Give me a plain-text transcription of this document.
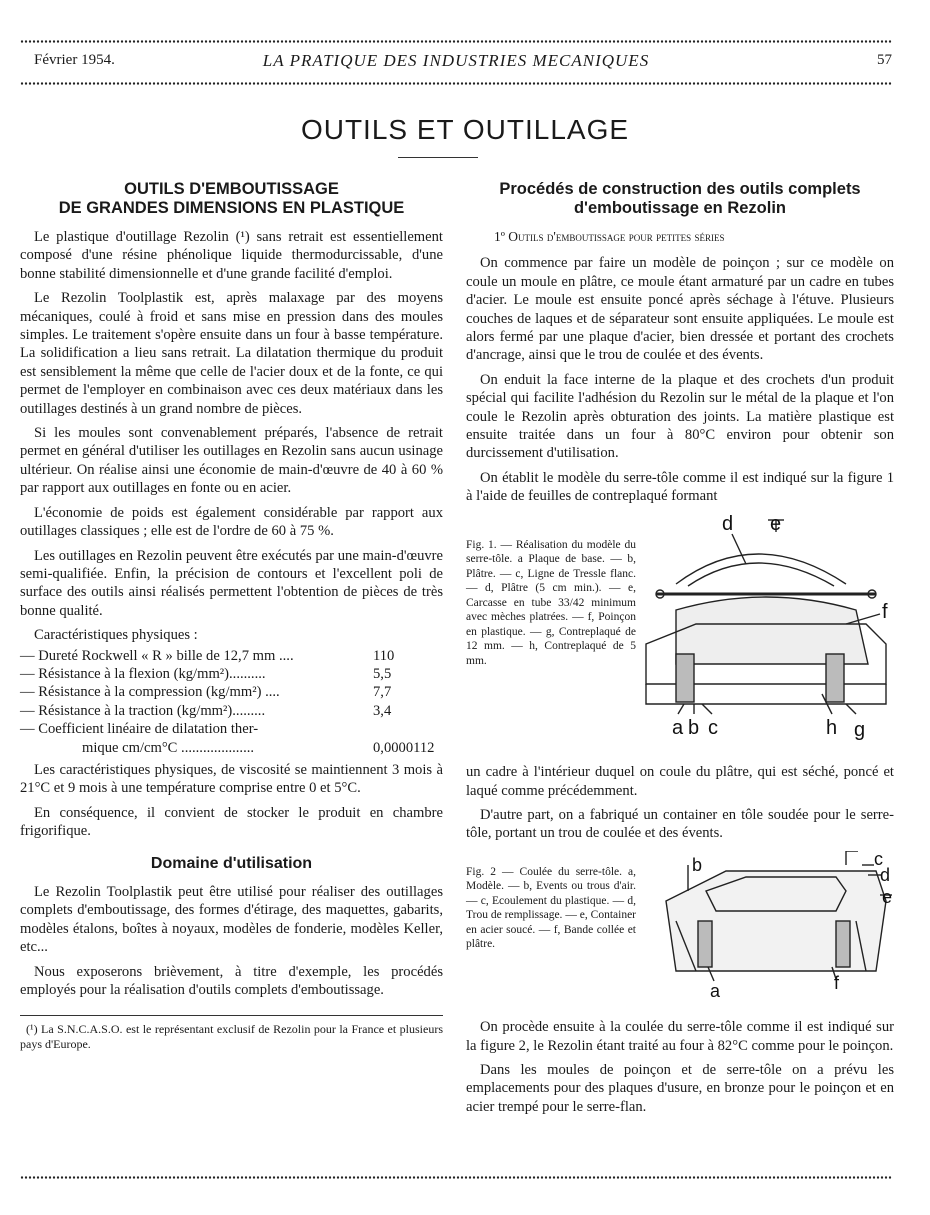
Février 1954.	LA PRATIQUE DES INDUSTRIES MECANIQUES	57
OUTILS ET OUTILLAGE
OUTILS D'EMBOUTISSAGE
DE GRANDES DIMENSIONS EN PLASTIQUE

Le plastique d'outillage Rezolin (¹) sans retrait est essentiellement composé d'une résine phénolique liquide thermodurcissable, d'une bonne stabilité dimensionnelle et d'une grande facilité d'emploi.

Le Rezolin Toolplastik est, après malaxage par des moyens mécaniques, coulé à froid et sans mise en pression dans des moules simples. Le traitement s'opère ensuite dans un four à basse température. La solidification a lieu sans retrait. La dilatation thermique du produit est sensiblement la même que celle de l'acier doux et de la fonte, ce qui permet de l'employer en combinaison avec ces deux matériaux dans les outillages destinés à un grand nombre de pièces.

Si les moules sont convenablement préparés, l'absence de retrait permet en général d'utiliser les outillages en Rezolin sans aucun usinage ultérieur. On réalise ainsi une économie de main-d'œuvre de 40 à 60 % par rapport aux outillages en fonte ou en acier.

L'économie de poids est également considérable par rapport aux outillages classiques ; elle est de l'ordre de 60 à 75 %.

Les outillages en Rezolin peuvent être exécutés par une main-d'œuvre semi-qualifiée. Enfin, la précision de contours et l'excellent poli de surface des outils ainsi réalisés permettent l'obtention de pièces de très bonne qualité.

Caractéristiques physiques :
— Dureté Rockwell « R » bille de 12,7 mm ....	110
— Résistance à la flexion (kg/mm²)..........	5,5
— Résistance à la compression (kg/mm²) ....	7,7
— Résistance à la traction (kg/mm²).........	3,4
— Coefficient linéaire de dilatation ther-
mique cm/cm°C ....................	0,0000112

Les caractéristiques physiques, de viscosité se maintiennent 3 mois à 21°C et 9 mois à une température comprise entre 0 et 5°C.

En conséquence, il convient de stocker le produit en chambre frigorifique.

Domaine d'utilisation

Le Rezolin Toolplastik peut être utilisé pour réaliser des outillages complets d'emboutissage, des formes d'étirage, des maquettes, gabarits, modèles étalons, boîtes à noyaux, modèles de fonderie, modèles Keller, etc...

Nous exposerons brièvement, à titre d'exemple, les procédés employés pour la réalisation d'outils complets d'emboutissage.

(¹) La S.N.C.A.S.O. est le représentant exclusif de Rezolin pour la France et plusieurs pays d'Europe.
Procédés de construction des outils complets
d'emboutissage en Rezolin
1º Outils d'emboutissage pour petites séries

On commence par faire un modèle de poinçon ; sur ce modèle on coule un moule en plâtre, ce moule étant armaturé par un cadre en tubes d'acier. Le moule est ensuite poncé après séchage à l'étuve. Plusieurs couches de laques et de séparateur sont ensuite appliquées. Le moule est alors fermé par une plaque d'acier, bien dressée et portant des crochets d'ancrage, ainsi que le trou de coulée et des évents.

On enduit la face interne de la plaque et des crochets d'un produit spécial qui facilite l'adhésion du Rezolin sur le métal de la plaque et l'on coule le Rezolin après obturation des joints. La matière plastique est ensuite traitée dans un four à 80°C environ pour obtenir son durcissement d'utilisation.

On établit le modèle du serre-tôle comme il est indiqué sur la figure 1 à l'aide de feuilles de contreplaqué formant

Fig. 1. — Réalisation du modèle du serre-tôle. a Plaque de base. — b, Plâtre. — c, Ligne de Tressle flanc. — d, Plâtre (5 cm min.). — e, Carcasse en tube 33/42 minimum avec mèches platrées. — f, Poinçon en plastique. — g, Contreplaqué de 12 mm. — h, Contreplaqué de 5 mm.
d e
f
a b c	h g

un cadre à l'intérieur duquel on coule du plâtre, qui est séché, poncé et laqué comme précédemment.

D'autre part, on a fabriqué un container en tôle soudée pour le serre-tôle, portant un trou de coulée et des évents.

Fig. 2 — Coulée du serre-tôle. a, Modèle. — b, Events ou trous d'air. — c, Ecoulement du plastique. — d, Trou de remplissage. — e, Container en acier soucé. — f, Bande collée et plâtre.
b	c
d
e
a	f

On procède ensuite à la coulée du serre-tôle comme il est indiqué sur la figure 2, le Rezolin étant traité au four à 82°C comme pour le poinçon.

Dans les moules de poinçon et de serre-tôle on a prévu les emplacements pour des plaques d'usure, en bronze pour le poinçon et en acier trempé pour le serre-flan.
